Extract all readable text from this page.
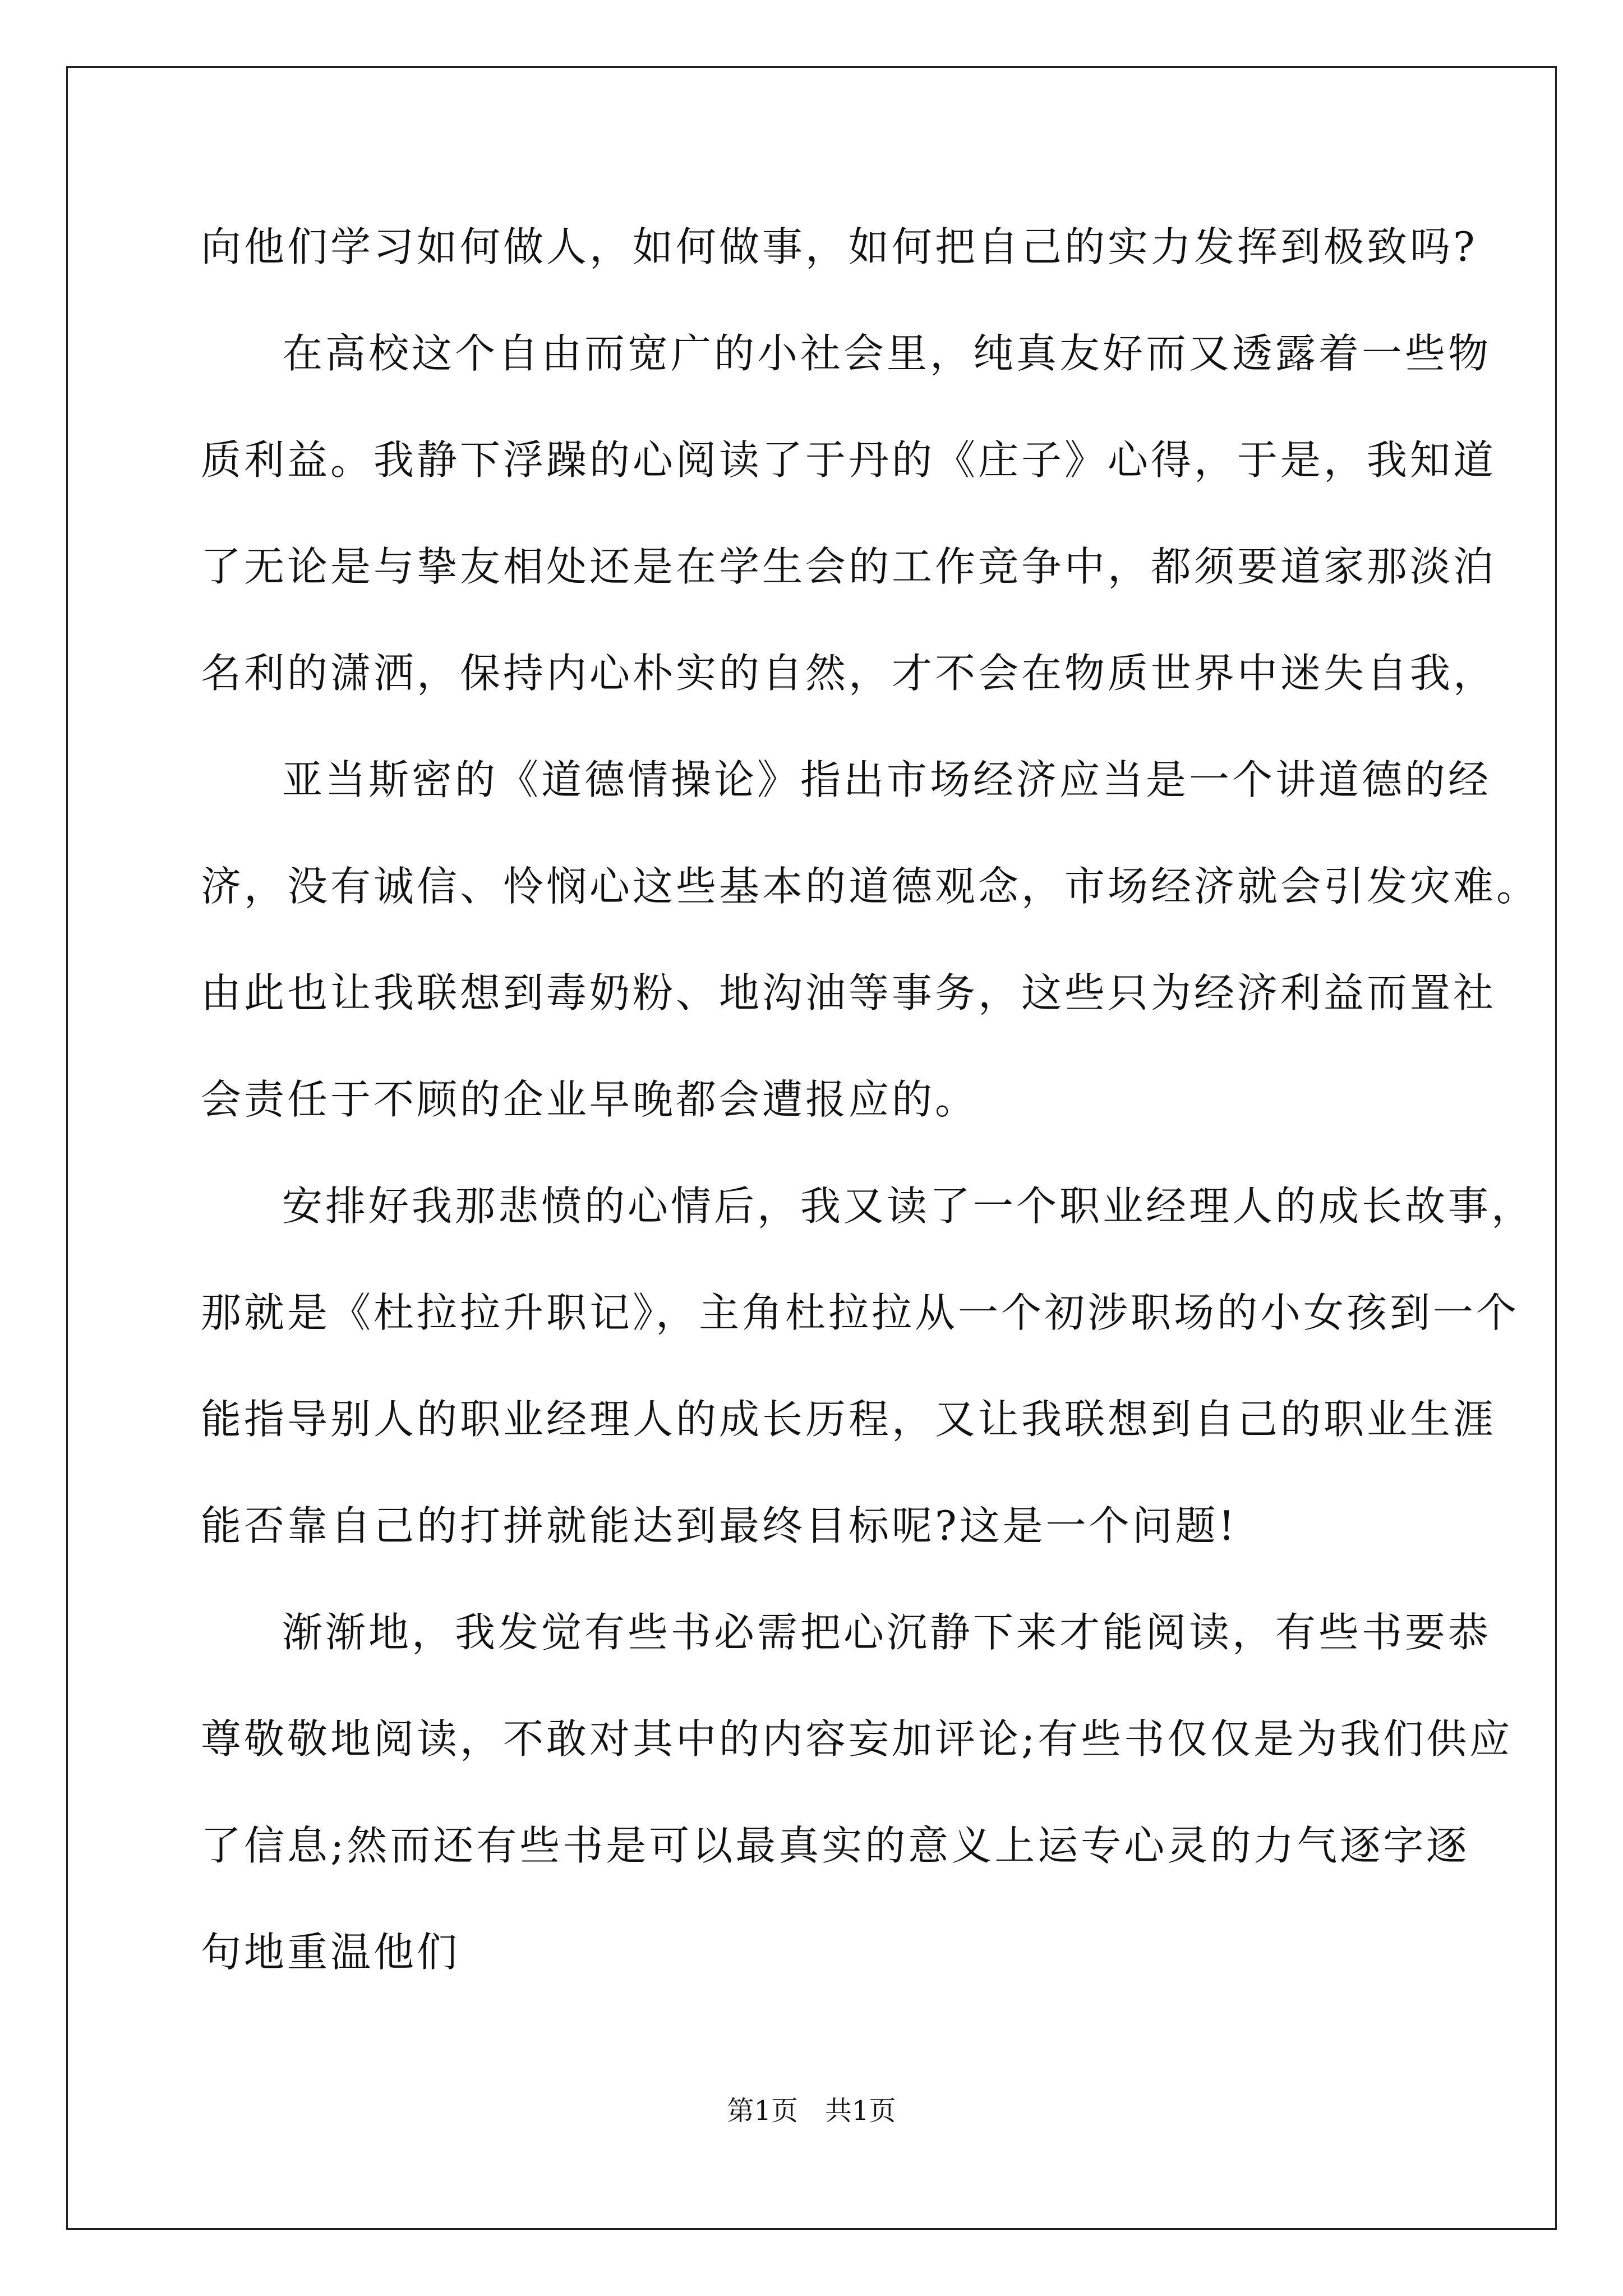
向他们学习如何做人，如何做事，如何把自己的实力发挥到极致吗?
在高校这个自由而宽广的小社会里，纯真友好而又透露着一些物
质利益。我静下浮躁的心阅读了于丹的《庄子》心得，于是，我知道
了无论是与挚友相处还是在学生会的工作竞争中，都须要道家那淡泊
名利的潇洒，保持内心朴实的自然，才不会在物质世界中迷失自我，
亚当斯密的《道德情操论》指出市场经济应当是一个讲道德的经
济，没有诚信、怜悯心这些基本的道德观念，市场经济就会引发灾难。
由此也让我联想到毒奶粉、地沟油等事务，这些只为经济利益而置社
会责任于不顾的企业早晚都会遭报应的。
安排好我那悲愤的心情后，我又读了一个职业经理人的成长故事，
那就是《杜拉拉升职记》，主角杜拉拉从一个初涉职场的小女孩到一个
能指导别人的职业经理人的成长历程，又让我联想到自己的职业生涯
能否靠自己的打拼就能达到最终目标呢?这是一个问题!
渐渐地，我发觉有些书必需把心沉静下来才能阅读，有些书要恭
尊敬敬地阅读，不敢对其中的内容妄加评论;有些书仅仅是为我们供应
了信息;然而还有些书是可以最真实的意义上运专心灵的力气逐字逐
句地重温他们
第1页　共1页
